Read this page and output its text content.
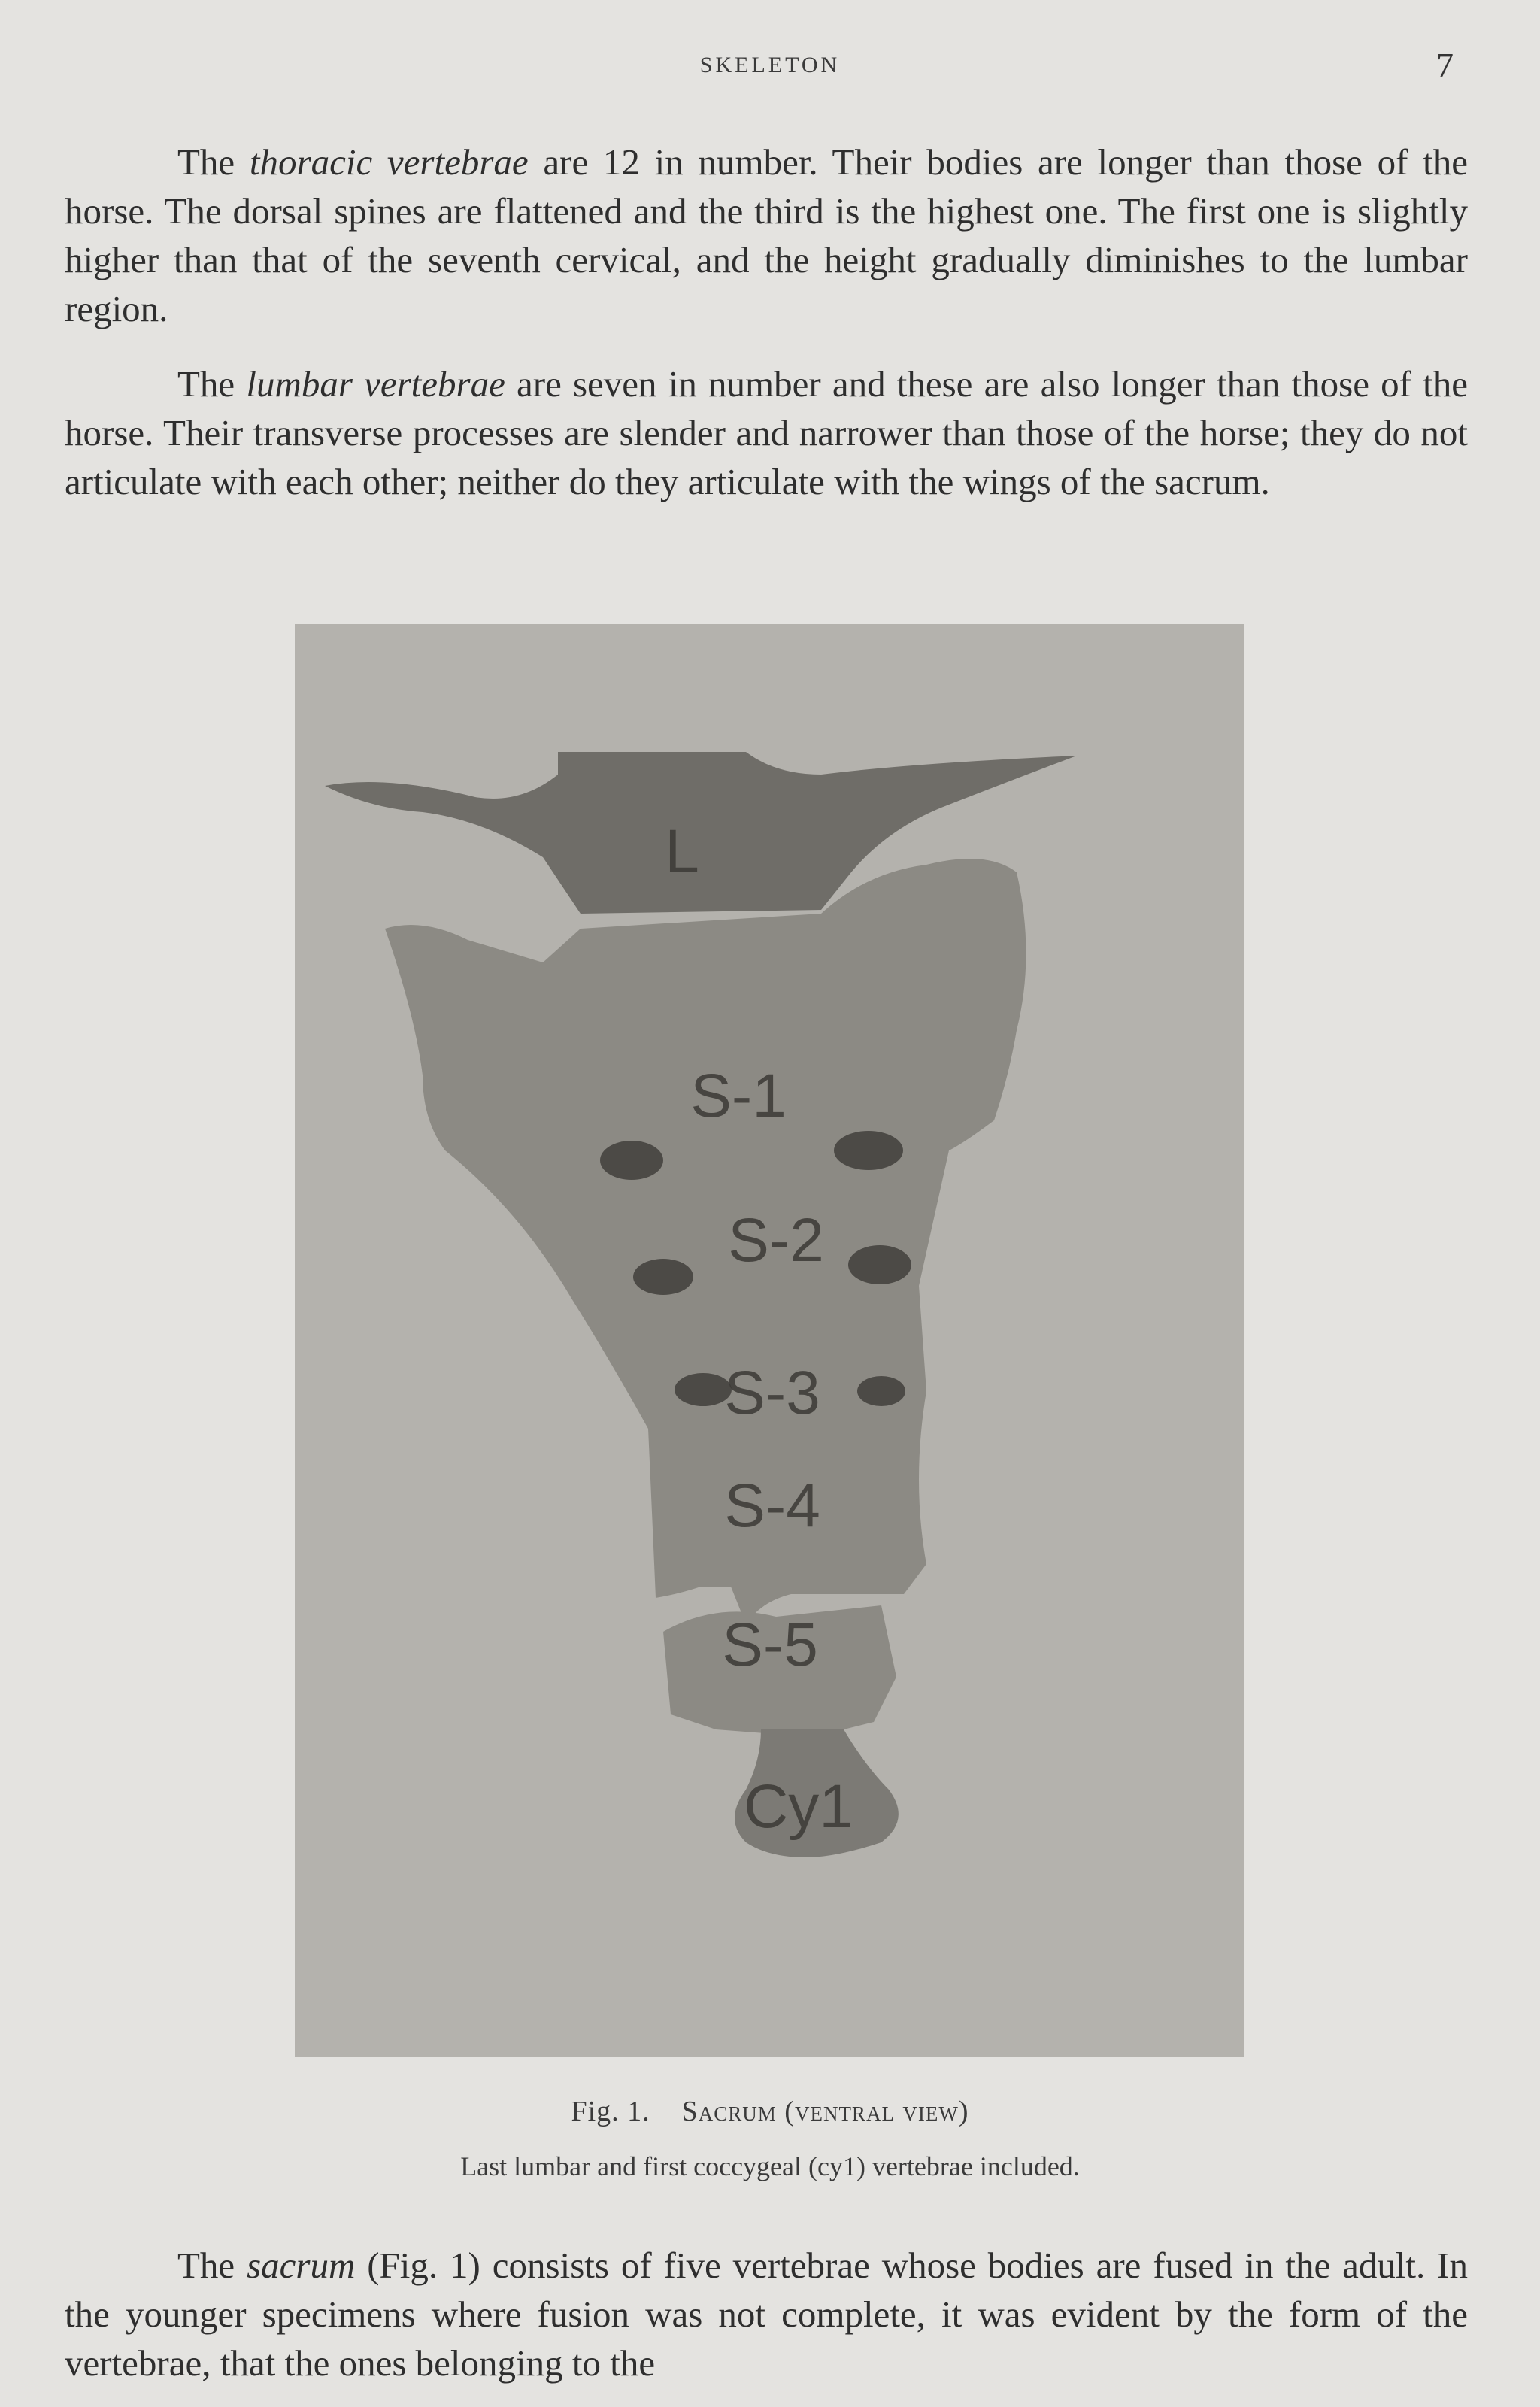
SKELETON	7

The thoracic vertebrae are 12 in number. Their bodies are longer than those of the horse. The dorsal spines are flattened and the third is the highest one. The first one is slightly higher than that of the seventh cervical, and the height gradually diminishes to the lumbar region.

The lumbar vertebrae are seven in number and these are also longer than those of the horse. Their transverse processes are slender and narrower than those of the horse; they do not articulate with each other; neither do they articulate with the wings of the sacrum.

L
S-1
S-2
S-3
S-4
S-5
Cy1
Fig. 1. Sacrum (ventral view)
Last lumbar and first coccygeal (cy1) vertebrae included.

The sacrum (Fig. 1) consists of five vertebrae whose bodies are fused in the adult. In the younger specimens where fusion was not complete, it was evident by the form of the vertebrae, that the ones belonging to the
